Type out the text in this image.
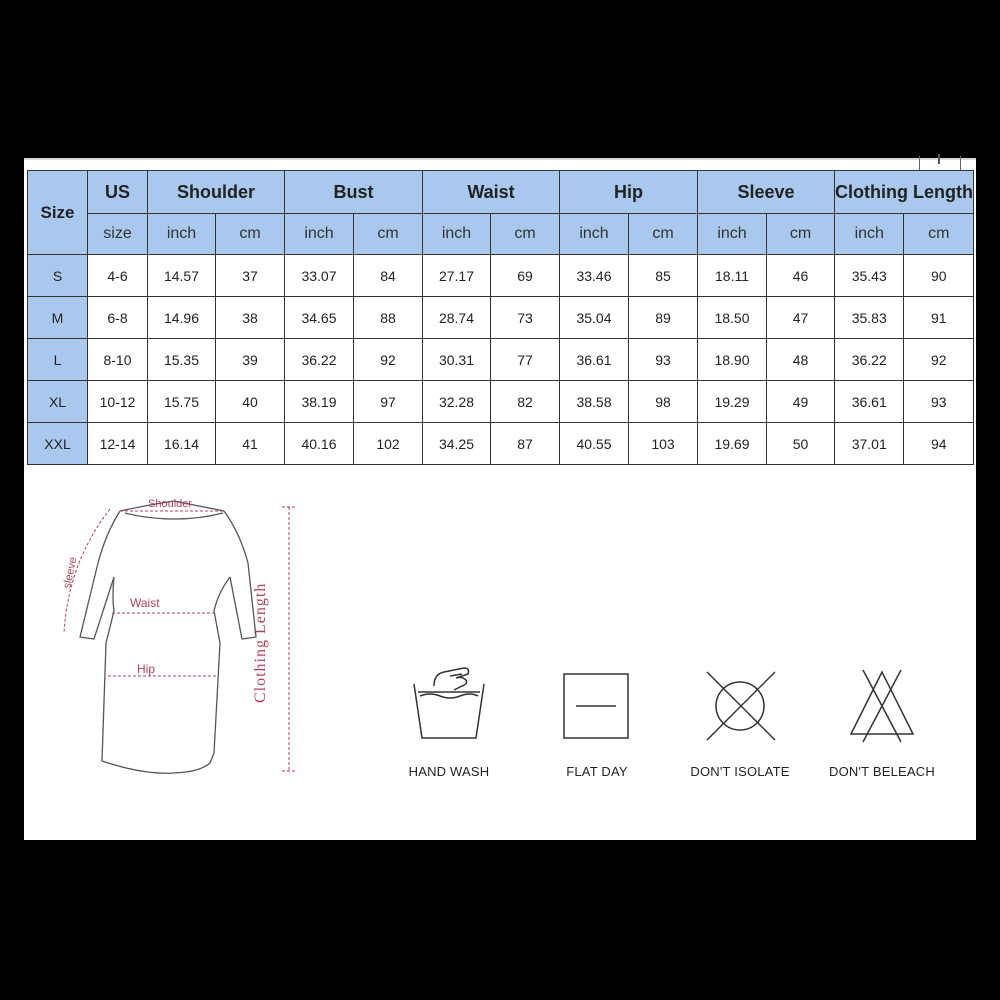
Size	US	Shoulder		Bust		Waist		Hip		Sleeve		Clothing Length	
	size	inch	cm	inch	cm	inch	cm	inch	cm	inch	cm	inch	cm
S	4-6	14.57	37	33.07	84	27.17	69	33.46	85	18.11	46	35.43	90
M	6-8	14.96	38	34.65	88	28.74	73	35.04	89	18.50	47	35.83	91
L	8-10	15.35	39	36.22	92	30.31	77	36.61	93	18.90	48	36.22	92
XL	10-12	15.75	40	38.19	97	32.28	82	38.58	98	19.29	49	36.61	93
XXL	12-14	16.14	41	40.16	102	34.25	87	40.55	103	19.69	50	37.01	94
Shoulder
Waist
Hip
sleeve
Clothing Length
HAND WASH	FLAT DAY	DON'T ISOLATE	DON'T BELEACH
